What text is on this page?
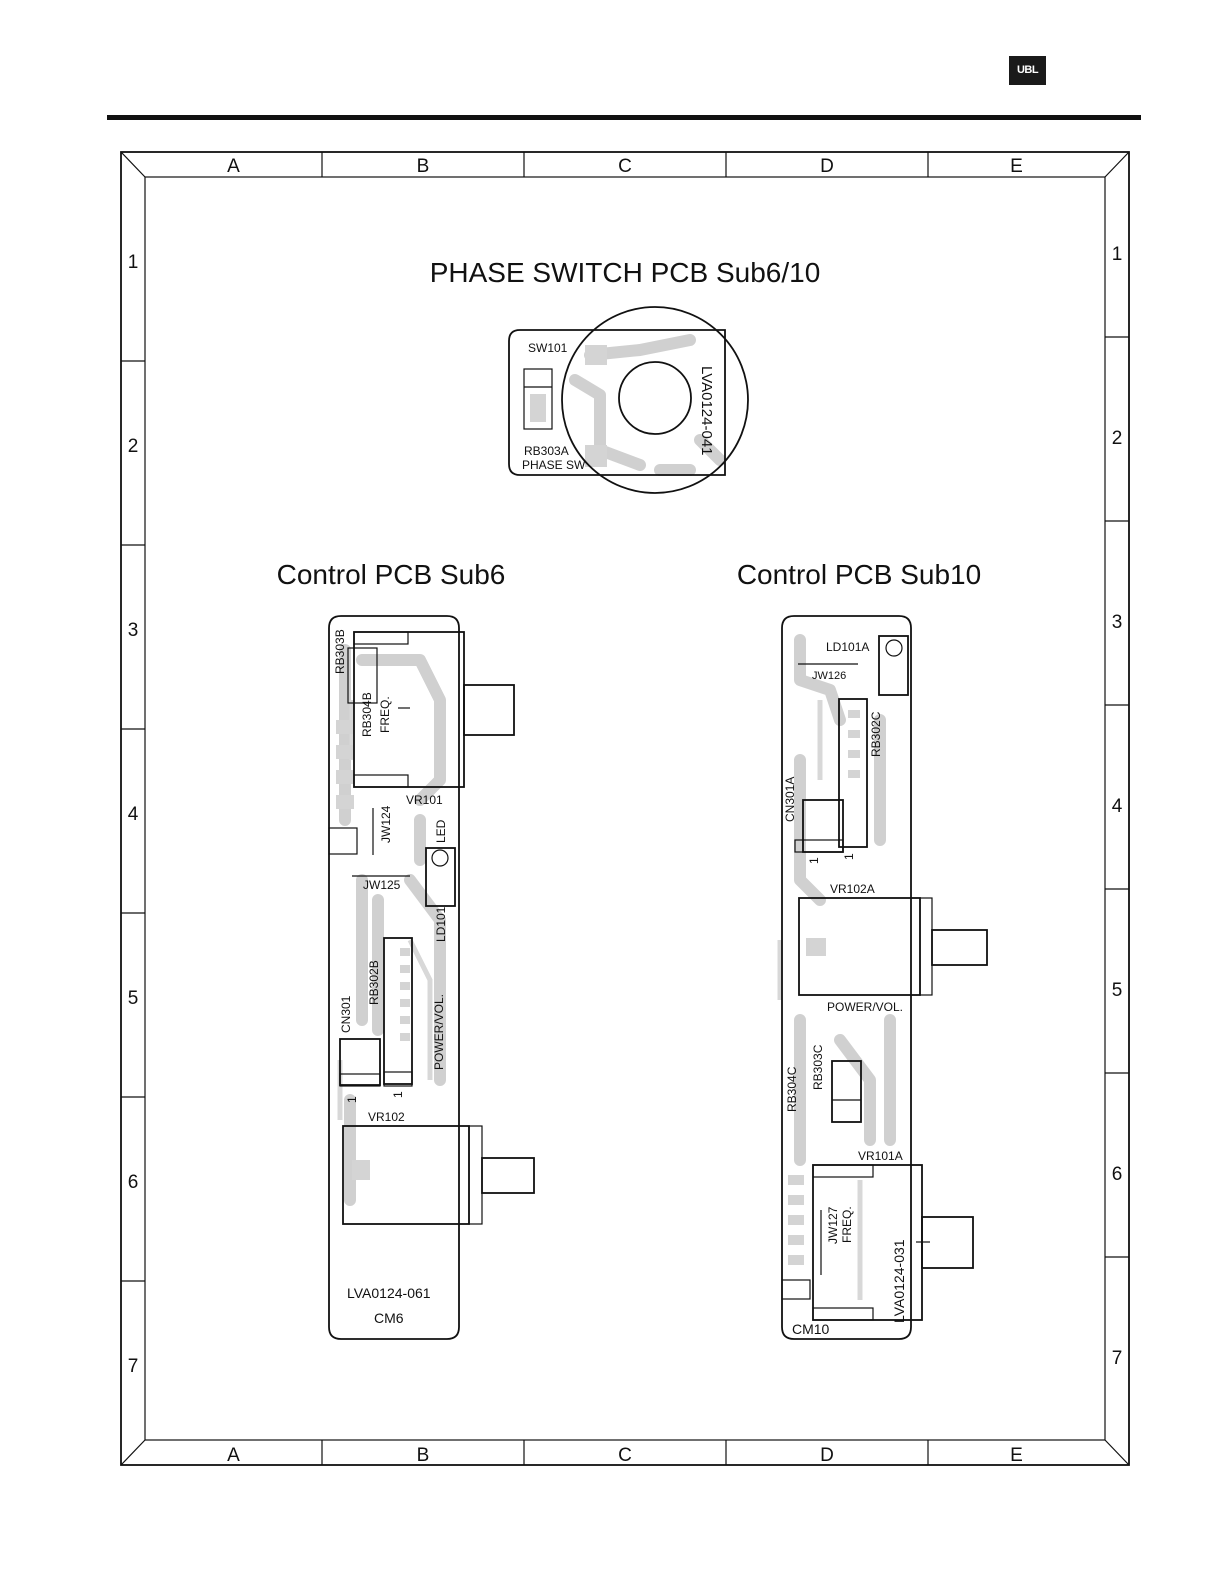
UBL
A
A
B
B
C
C
D
D
E
E
1	1
2	2
3	3
4	4
5	5
6	6
7	7
PHASE SWITCH PCB Sub6/10
SW101
RB303A
PHASE SW
LVA0124-041
Control PCB Sub6
RB303B
RB304B FREQ.
VR101
JW124	LED
JW125
LD101
RB302B
CN301	POWER/VOL.
1
1
VR102
LVA0124-061
CM6
Control PCB Sub10
LD101A
JW126
RB302C
CN301A
1
1
VR102A
POWER/VOL.
RB304C RB303C
VR101A
JW127 FREQ.
LVA0124-031
CM10
